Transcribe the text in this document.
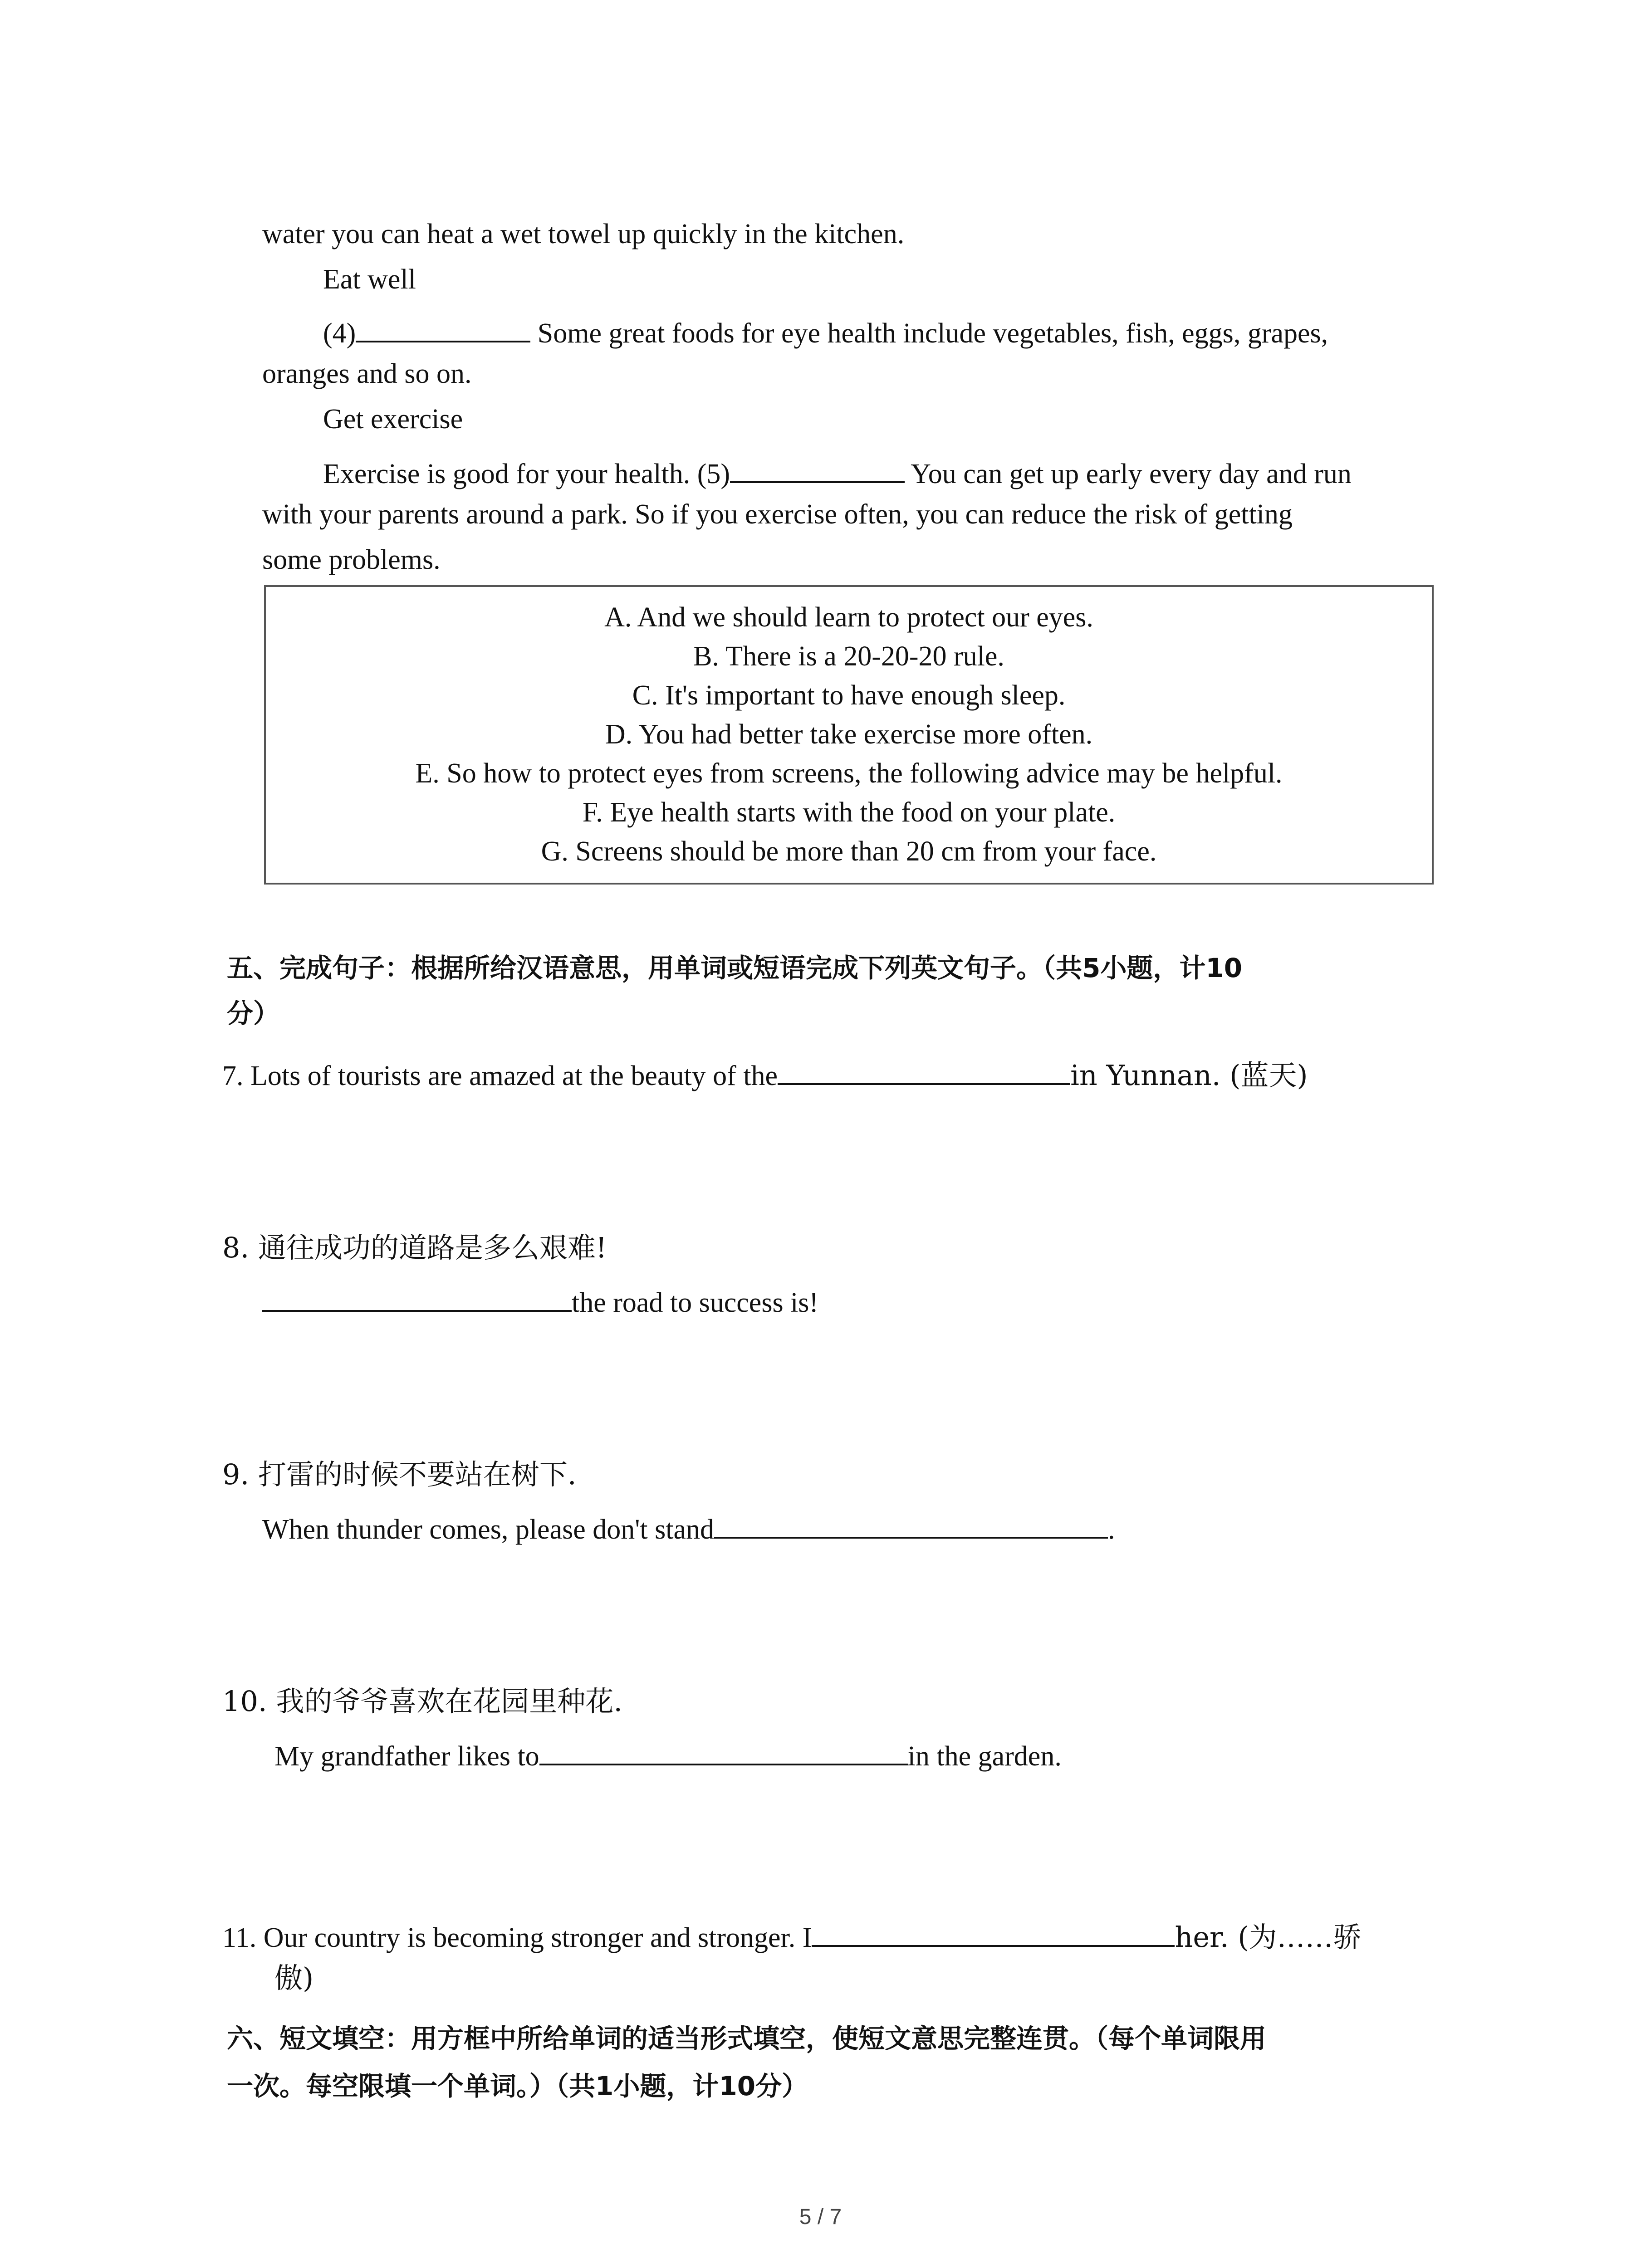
water you can heat a wet towel up quickly in the kitchen.
Eat well
(4)	Some great foods for eye health include vegetables, fish, eggs, grapes,
oranges and so on.
Get exercise
Exercise is good for your health. (5)	You can get up early every day and run
with your parents around a park. So if you exercise often, you can reduce the risk of getting
some problems.
A. And we should learn to protect our eyes.
B. There is a 20-20-20 rule.
C. It's important to have enough sleep.
D. You had better take exercise more often.
E. So how to protect eyes from screens, the following advice may be helpful.
F. Eye health starts with the food on your plate.
G. Screens should be more than 20 cm from your face.
五、完成句子：根据所给汉语意思，用单词或短语完成下列英文句子。（共5小题，计10
分）
7. Lots of tourists are amazed at the beauty of the	in Yunnan. (蓝天)
8. 通往成功的道路是多么艰难!
the road to success is!
9. 打雷的时候不要站在树下.
When thunder comes, please don't stand	.
10. 我的爷爷喜欢在花园里种花.
My grandfather likes to	in the garden.
11. Our country is becoming stronger and stronger. I	her. (为……骄
傲)
六、短文填空：用方框中所给单词的适当形式填空，使短文意思完整连贯。（每个单词限用
一次。每空限填一个单词。）（共1小题，计10分）
5 / 7
